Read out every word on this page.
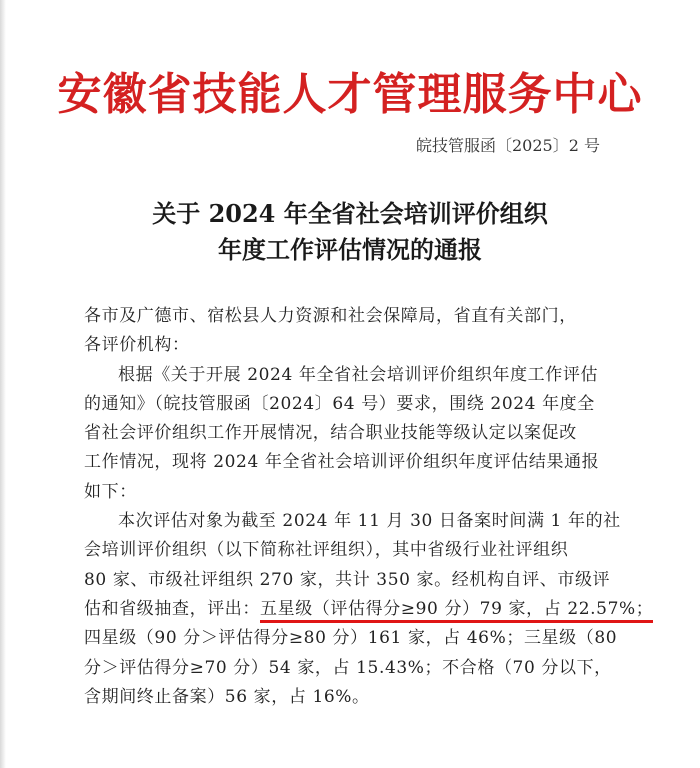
安徽省技能人才管理服务中心
皖技管服函〔2025〕2 号
关于 2024 年全省社会培训评价组织
年度工作评估情况的通报
各市及广德市、宿松县人力资源和社会保障局，省直有关部门，
各评价机构：
根据《关于开展 2024 年全省社会培训评价组织年度工作评估
的通知》（皖技管服函〔2024〕64 号）要求，围绕 2024 年度全
省社会评价组织工作开展情况，结合职业技能等级认定以案促改
工作情况，现将 2024 年全省社会培训评价组织年度评估结果通报
如下：
本次评估对象为截至 2024 年 11 月 30 日备案时间满 1 年的社
会培训评价组织（以下简称社评组织），其中省级行业社评组织
80 家、市级社评组织 270 家，共计 350 家。经机构自评、市级评
估和省级抽查，评出：五星级（评估得分≥90 分）79 家，占 22.57%；
四星级（90 分＞评估得分≥80 分）161 家，占 46%；三星级（80
分＞评估得分≥70 分）54 家，占 15.43%；不合格（70 分以下，
含期间终止备案）56 家，占 16%。
